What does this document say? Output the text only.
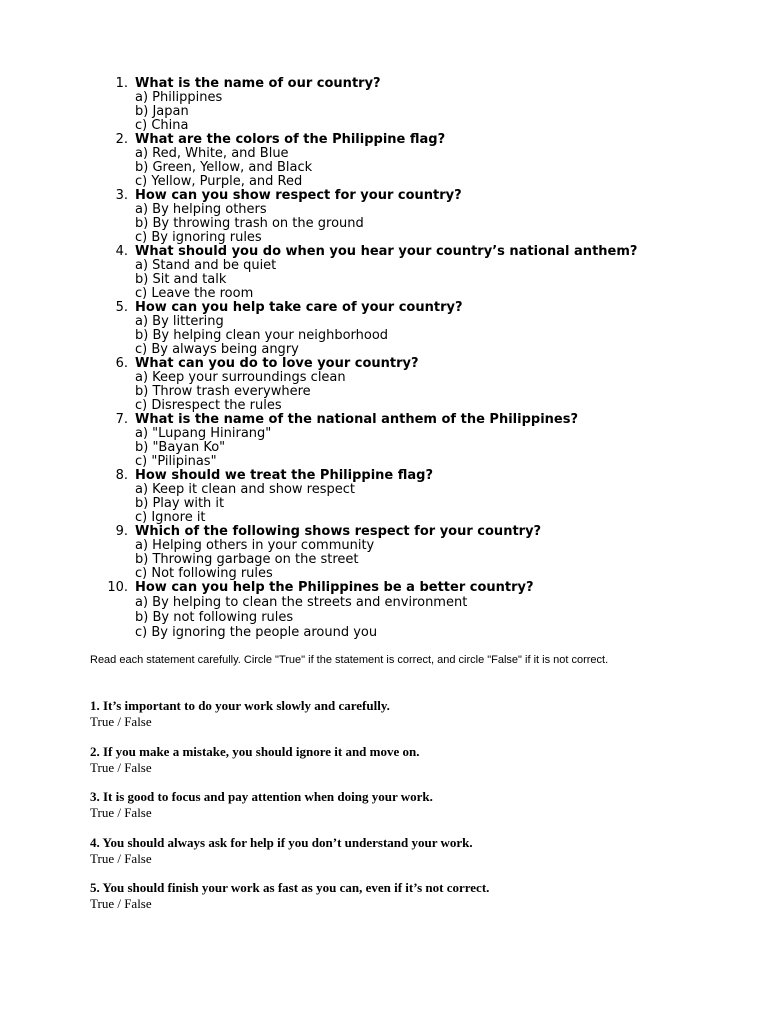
1. What is the name of our country?
a) Philippines
b) Japan
c) China
2. What are the colors of the Philippine flag?
a) Red, White, and Blue
b) Green, Yellow, and Black
c) Yellow, Purple, and Red
3. How can you show respect for your country?
a) By helping others
b) By throwing trash on the ground
c) By ignoring rules
4. What should you do when you hear your country’s national anthem?
a) Stand and be quiet
b) Sit and talk
c) Leave the room
5. How can you help take care of your country?
a) By littering
b) By helping clean your neighborhood
c) By always being angry
6. What can you do to love your country?
a) Keep your surroundings clean
b) Throw trash everywhere
c) Disrespect the rules
7. What is the name of the national anthem of the Philippines?
a) "Lupang Hinirang"
b) "Bayan Ko"
c) "Pilipinas"
8. How should we treat the Philippine flag?
a) Keep it clean and show respect
b) Play with it
c) Ignore it
9. Which of the following shows respect for your country?
a) Helping others in your community
b) Throwing garbage on the street
c) Not following rules
10. How can you help the Philippines be a better country?
a) By helping to clean the streets and environment
b) By not following rules
c) By ignoring the people around you
Read each statement carefully. Circle "True" if the statement is correct, and circle "False" if it is not correct.
1. It’s important to do your work slowly and carefully.
True / False
2. If you make a mistake, you should ignore it and move on.
True / False
3. It is good to focus and pay attention when doing your work.
True / False
4. You should always ask for help if you don’t understand your work.
True / False
5. You should finish your work as fast as you can, even if it’s not correct.
True / False
